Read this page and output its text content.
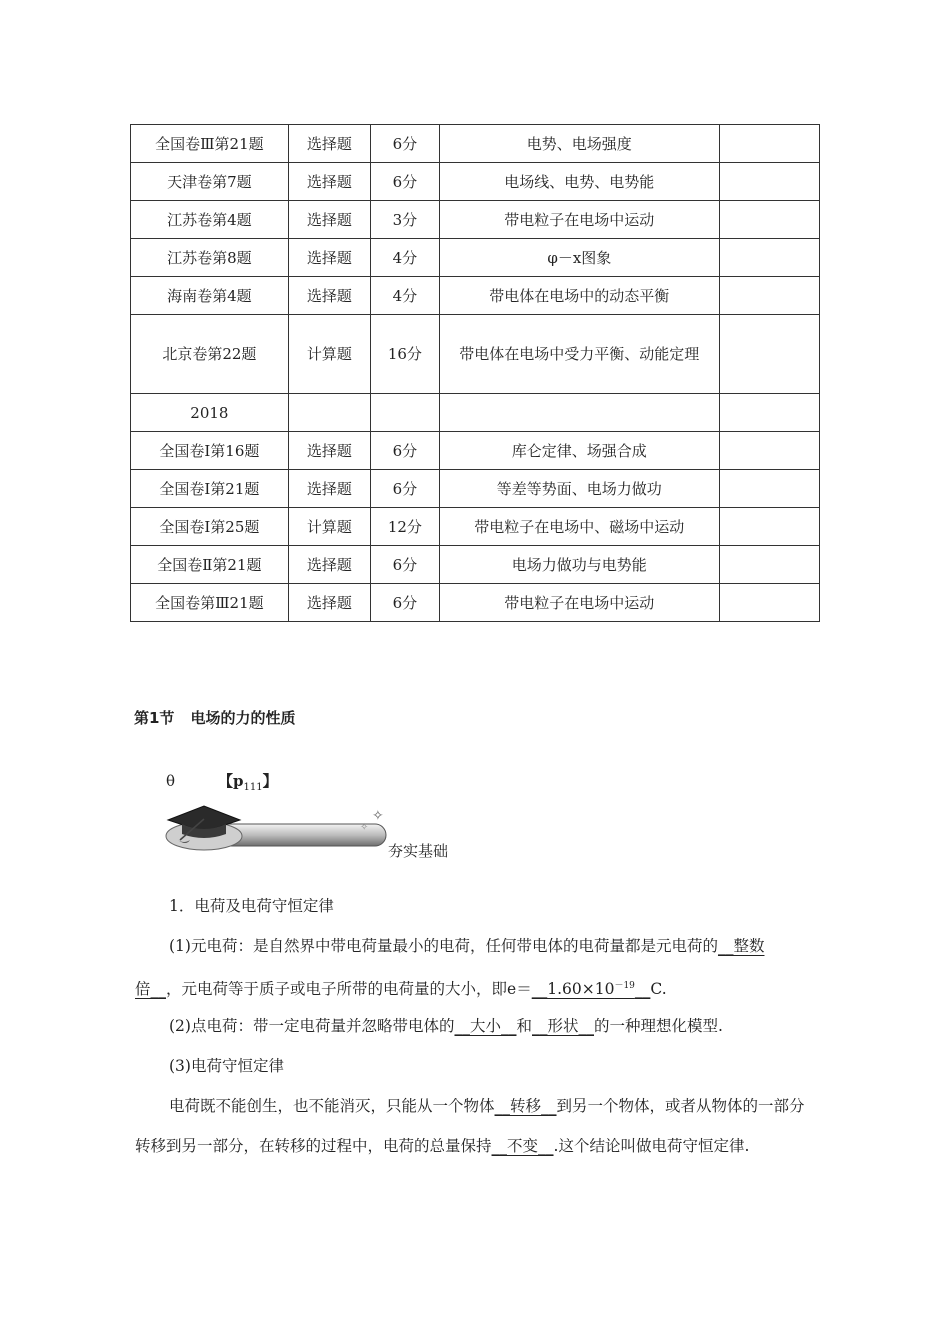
全国卷Ⅲ第21题	选择题	6分	电势、电场强度	
天津卷第7题	选择题	6分	电场线、电势、电势能	
江苏卷第4题	选择题	3分	带电粒子在电场中运动	
江苏卷第8题	选择题	4分	φ－x图象	
海南卷第4题	选择题	4分	带电体在电场中的动态平衡	
北京卷第22题	计算题	16分	带电体在电场中受力平衡、动能定理	
2018				
全国卷Ⅰ第16题	选择题	6分	库仑定律、场强合成	
全国卷Ⅰ第21题	选择题	6分	等差等势面、电场力做功	
全国卷Ⅰ第25题	计算题	12分	带电粒子在电场中、磁场中运动	
全国卷Ⅱ第21题	选择题	6分	电场力做功与电势能	
全国卷第Ⅲ21题	选择题	6分	带电粒子在电场中运动	
第1节 电场的力的性质
θ	【$p_{111}$】
✧
✧
夯实基础
1．电荷及电荷守恒定律
(1)元电荷：是自然界中带电荷量最小的电荷，任何带电体的电荷量都是元电荷的__整数
倍__，元电荷等于质子或电子所带的电荷量的大小，即$e=\_\_1.60\times 10^{-19}\_\_C$.
(2)点电荷：带一定电荷量并忽略带电体的__大小__和__形状__的一种理想化模型.
(3)电荷守恒定律
电荷既不能创生，也不能消灭，只能从一个物体__转移__到另一个物体，或者从物体的一部分转移到另一部分，在转移的过程中，电荷的总量保持__不变__.这个结论叫做电荷守恒定律.
